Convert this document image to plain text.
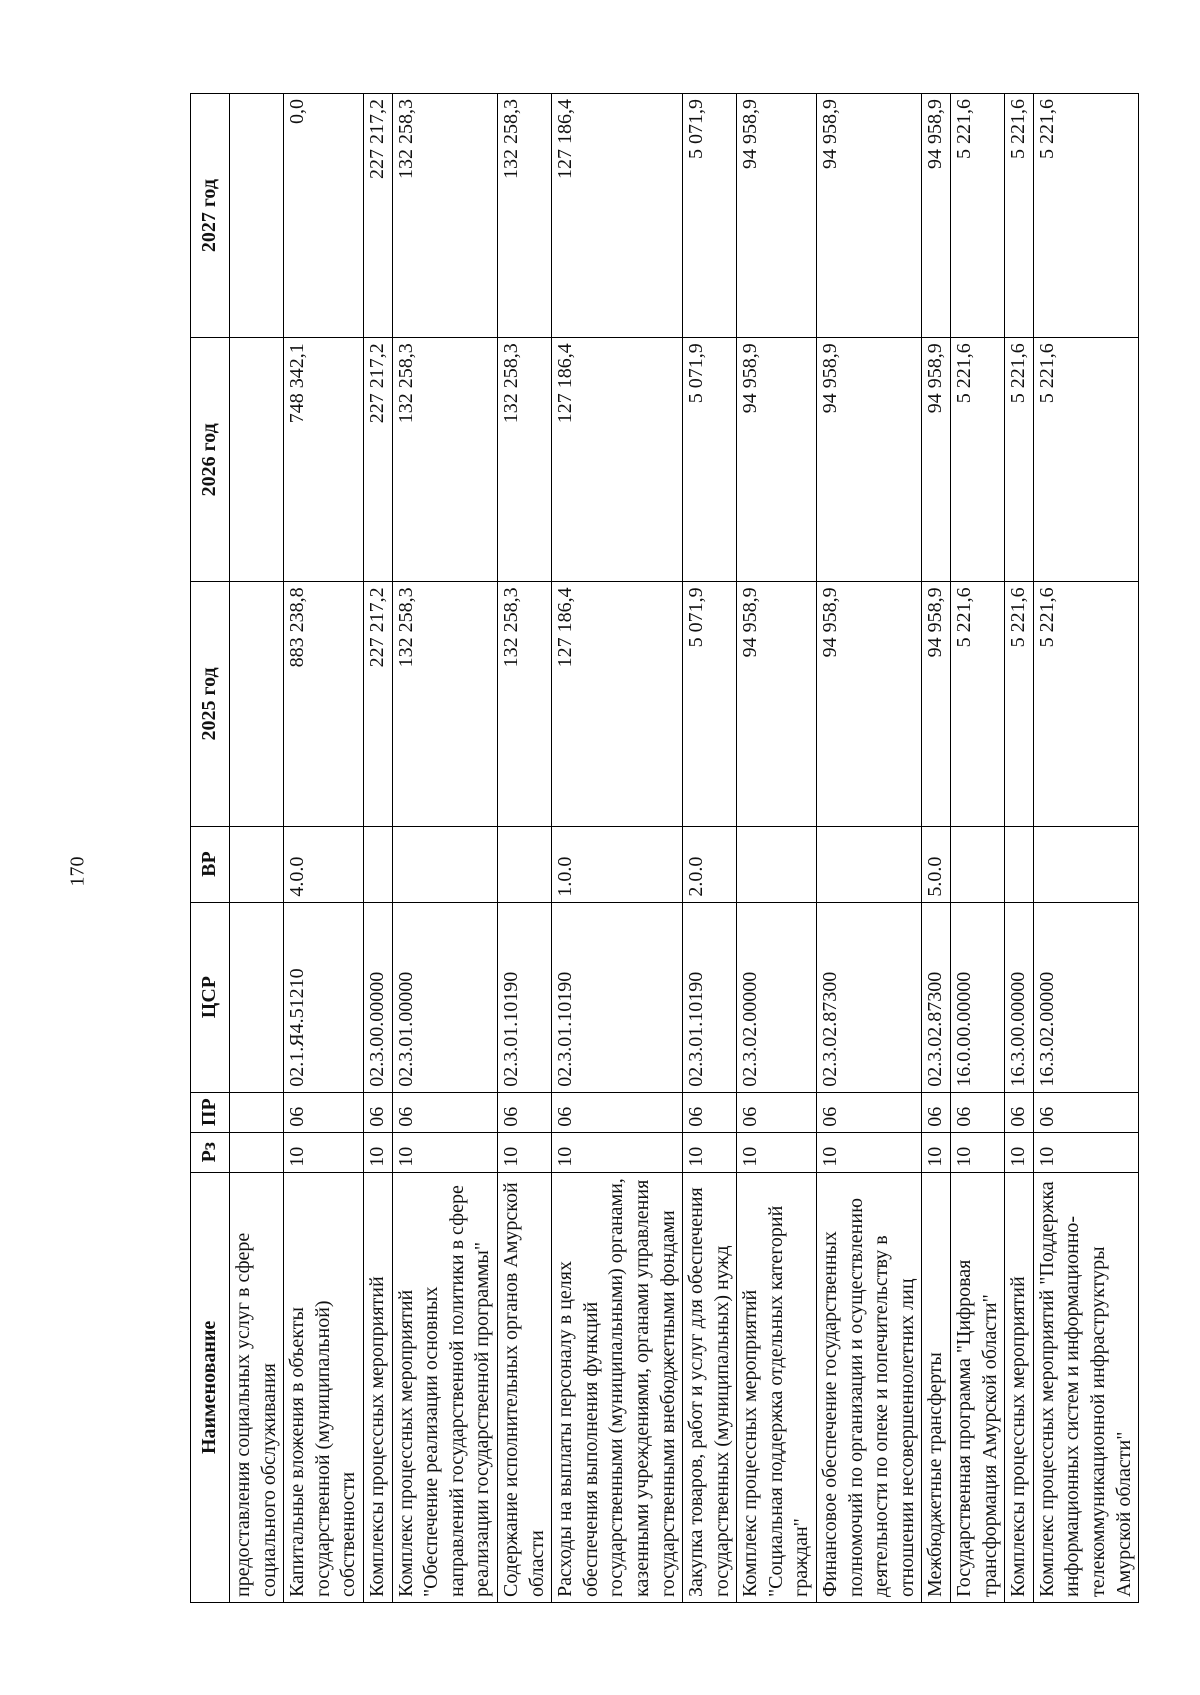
170
Наименование	Рз	ПР	ЦСР	ВР	2025 год	2026 год	2027 год
предоставления социальных услуг в сфере социального обслуживания							
Капитальные вложения в объекты государственной (муниципальной) собственности	10	06	02.1.Я4.51210	4.0.0	883 238,8	748 342,1	0,0
Комплексы процессных мероприятий	10	06	02.3.00.00000		227 217,2	227 217,2	227 217,2
Комплекс процессных мероприятий "Обеспечение реализации основных направлений государственной политики в сфере реализации государственной программы"	10	06	02.3.01.00000		132 258,3	132 258,3	132 258,3
Содержание исполнительных органов Амурской области	10	06	02.3.01.10190		132 258,3	132 258,3	132 258,3
Расходы на выплаты персоналу в целях обеспечения выполнения функций государственными (муниципальными) органами, казенными учреждениями, органами управления государственными внебюджетными фондами	10	06	02.3.01.10190	1.0.0	127 186,4	127 186,4	127 186,4
Закупка товаров, работ и услуг для обеспечения государственных (муниципальных) нужд	10	06	02.3.01.10190	2.0.0	5 071,9	5 071,9	5 071,9
Комплекс процессных мероприятий "Социальная поддержка отдельных категорий граждан"	10	06	02.3.02.00000		94 958,9	94 958,9	94 958,9
Финансовое обеспечение государственных полномочий по организации и осуществлению деятельности по опеке и попечительству в отношении несовершеннолетних лиц	10	06	02.3.02.87300		94 958,9	94 958,9	94 958,9
Межбюджетные трансферты	10	06	02.3.02.87300	5.0.0	94 958,9	94 958,9	94 958,9
Государственная программа "Цифровая трансформация Амурской области"	10	06	16.0.00.00000		5 221,6	5 221,6	5 221,6
Комплексы процессных мероприятий	10	06	16.3.00.00000		5 221,6	5 221,6	5 221,6
Комплекс процессных мероприятий "Поддержка информационных систем и информационно-телекоммуникационной инфраструктуры Амурской области"	10	06	16.3.02.00000		5 221,6	5 221,6	5 221,6
